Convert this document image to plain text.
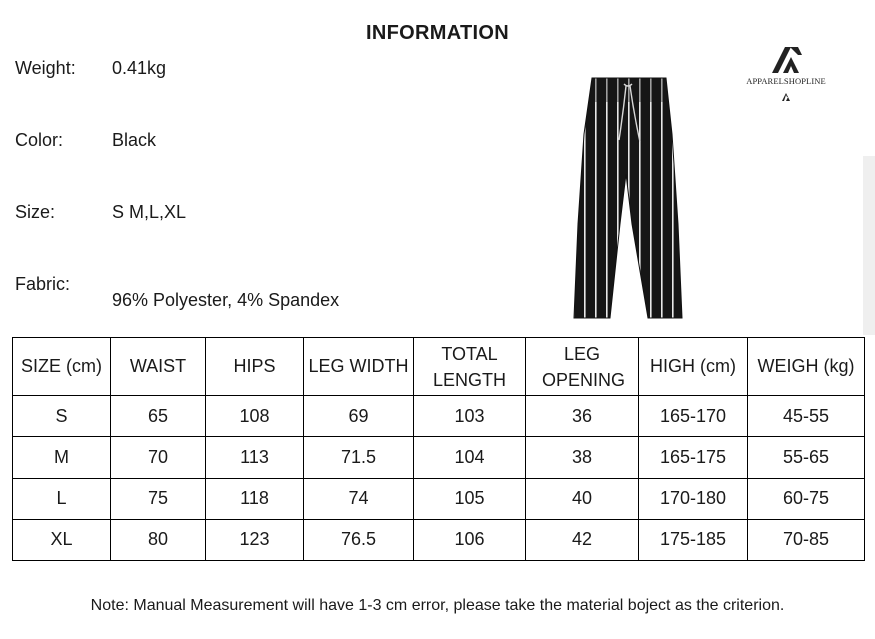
INFORMATION
Weight: 0.41kg
Color:	Black
Size:	S M,L,XL
Fabric:
96% Polyester, 4% Spandex
APPARELSHOPLINE
SIZE (cm)	WAIST	HIPS	LEG WIDTH	TOTAL LENGTH	LEG OPENING	HIGH (cm)	WEIGH (kg)
S	65	108	69	103	36	165-170	45-55
M	70	113	71.5	104	38	165-175	55-65
L	75	118	74	105	40	170-180	60-75
XL	80	123	76.5	106	42	175-185	70-85
Note: Manual Measurement will have 1-3 cm error, please take the material boject as the criterion.
